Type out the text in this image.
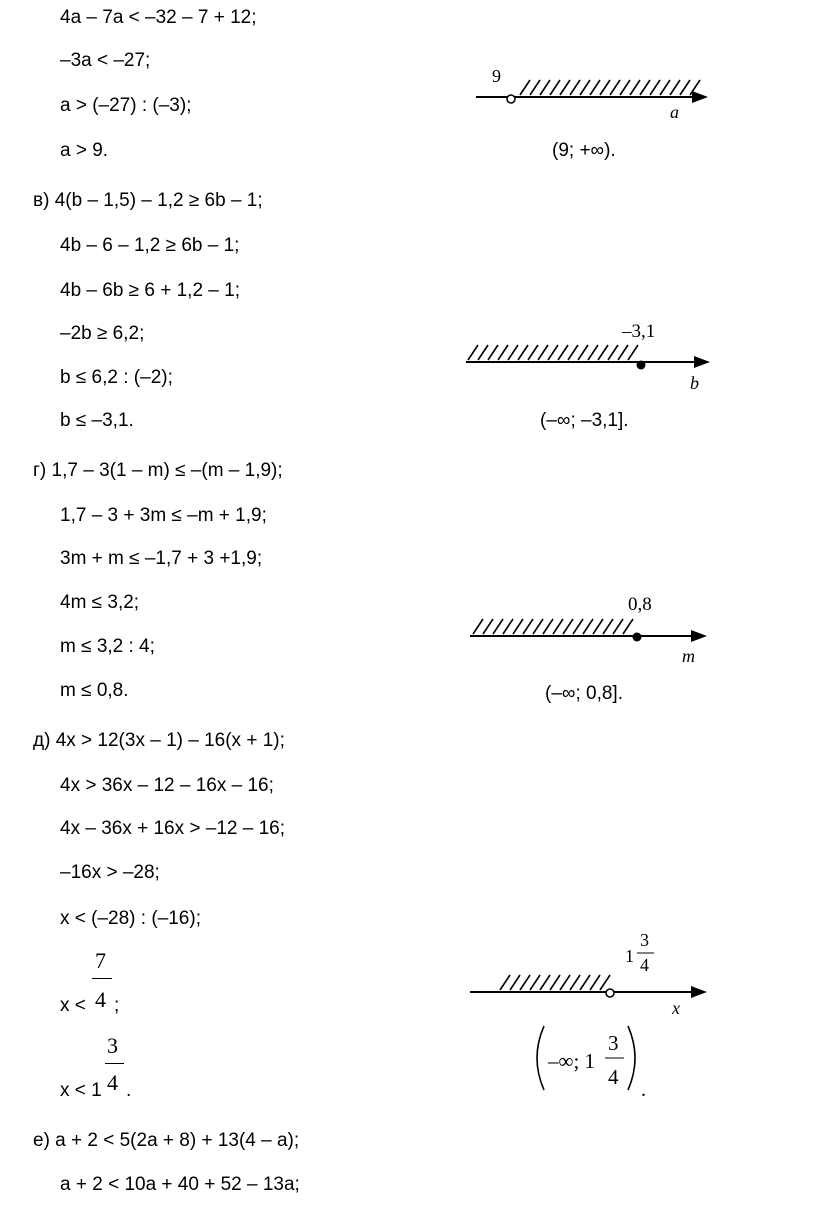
4a – 7a < –32 – 7 + 12;
–3a < –27;
a > (–27) : (–3);
a > 9.
в) 4(b – 1,5) – 1,2 ≥ 6b – 1;
4b – 6 – 1,2 ≥ 6b – 1;
4b – 6b ≥ 6 + 1,2 – 1;
–2b ≥ 6,2;
b ≤ 6,2 : (–2);
b ≤ –3,1.
г) 1,7 – 3(1 – m) ≤ –(m – 1,9);
1,7 – 3 + 3m ≤ –m + 1,9;
3m + m ≤ –1,7 + 3 +1,9;
4m ≤ 3,2;
m ≤ 3,2 : 4;
m ≤ 0,8.
д) 4x > 12(3x – 1) – 16(x + 1);
4x > 36x – 12 – 16x – 16;
4x – 36x + 16x > –12 – 16;
–16x > –28;
x < (–28) : (–16);
x <
7
4 ;
x < 1
3
4 .
е) a + 2 < 5(2a + 8) + 13(4 – a);
a + 2 < 10a + 40 + 52 – 13a;
9
a
(9; +∞).
–3,1
b
(–∞; –3,1].
0,8
m
(–∞; 0,8].
1
3
4
x
–∞; 1
3
4
.
